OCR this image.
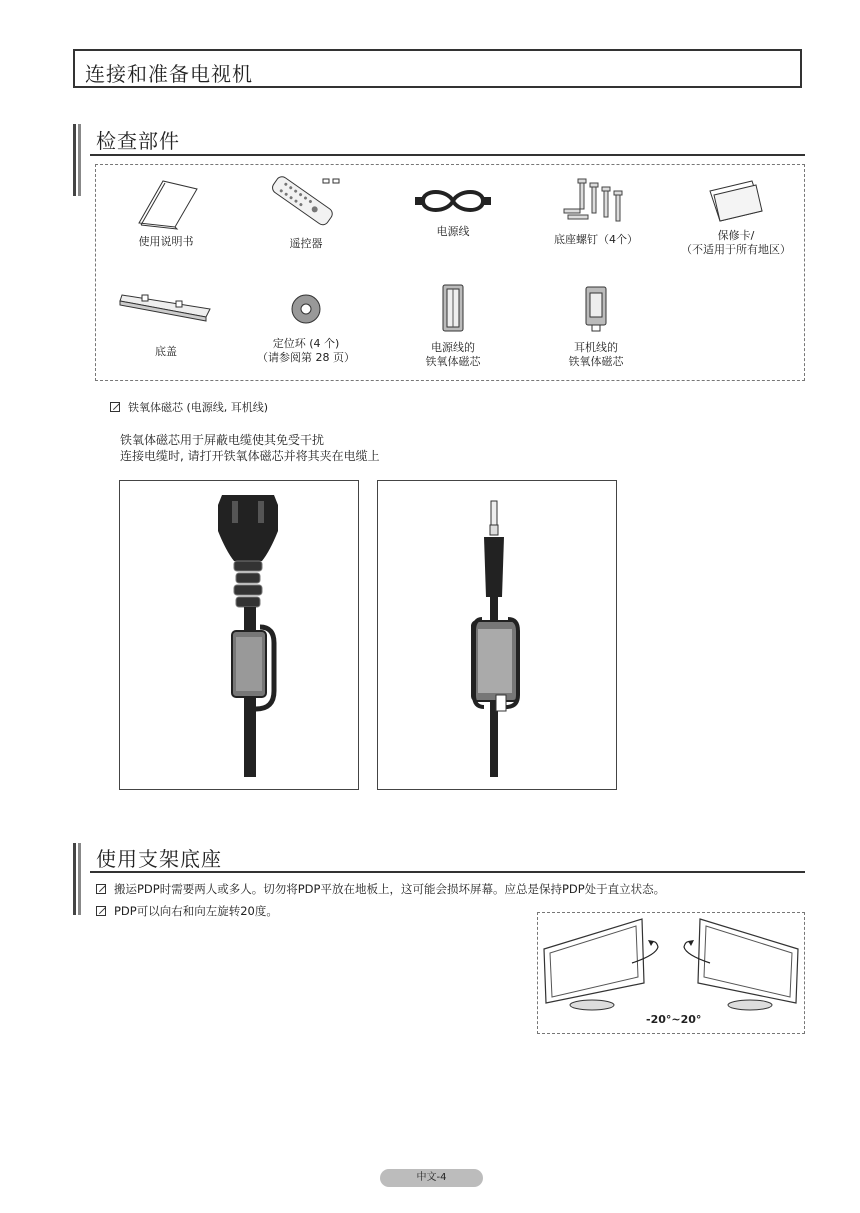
连接和准备电视机
检查部件
使用说明书	遥控器
电源线
底座螺钉（4个）	保修卡/
（不适用于所有地区）
底盖
定位环 (4 个)
（请参阅第 28 页）
电源线的
铁氧体磁芯
耳机线的
铁氧体磁芯
铁氧体磁芯 (电源线, 耳机线)
铁氧体磁芯用于屏蔽电缆使其免受干扰
连接电缆时, 请打开铁氧体磁芯并将其夹在电缆上
使用支架底座
搬运PDP时需要两人或多人。切勿将PDP平放在地板上，这可能会损坏屏幕。应总是保持PDP处于直立状态。
PDP可以向右和向左旋转20度。
-20°~20°
中文-4
